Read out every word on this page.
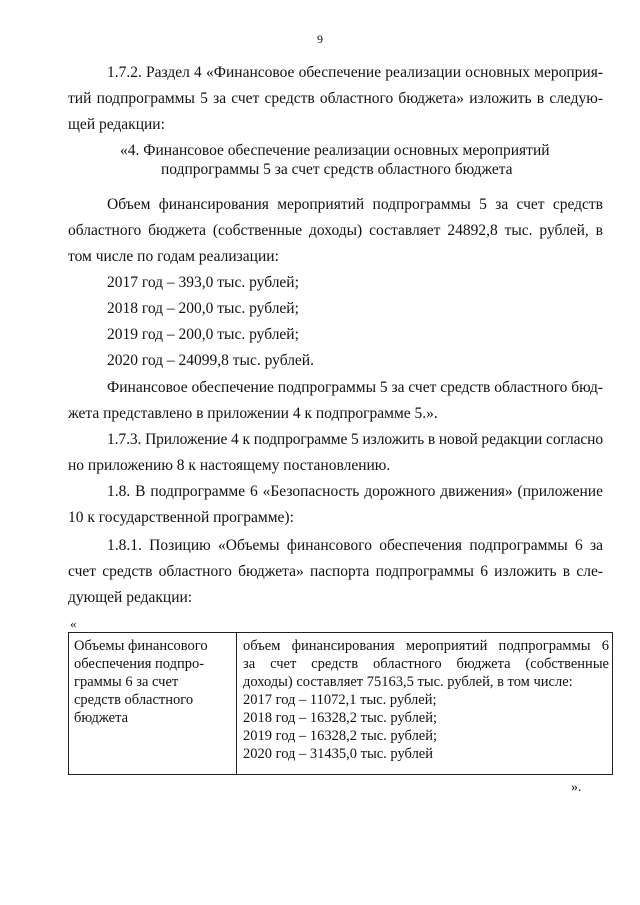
9
1.7.2. Раздел 4 «Финансовое обеспечение реализации основных мероприя-
тий подпрограммы 5 за счет средств областного бюджета» изложить в следую-
щей редакции:
«4. Финансовое обеспечение реализации основных мероприятий
подпрограммы 5 за счет средств областного бюджета
Объем финансирования мероприятий подпрограммы 5 за счет средств
областного бюджета (собственные доходы) составляет 24892,8 тыс. рублей, в
том числе по годам реализации:
2017 год – 393,0 тыс. рублей;
2018 год – 200,0 тыс. рублей;
2019 год – 200,0 тыс. рублей;
2020 год – 24099,8 тыс. рублей.
Финансовое обеспечение подпрограммы 5 за счет средств областного бюд-
жета представлено в приложении 4 к подпрограмме 5.».
1.7.3. Приложение 4 к подпрограмме 5 изложить в новой редакции согласно
но приложению 8 к настоящему постановлению.
1.8. В подпрограмме 6 «Безопасность дорожного движения» (приложение
10 к государственной программе):
1.8.1. Позицию «Объемы финансового обеспечения подпрограммы 6 за
счет средств областного бюджета» паспорта подпрограммы 6 изложить в сле-
дующей редакции:
«
Объемы финансового
обеспечения подпро-
граммы 6 за счет
средств областного
бюджета
объем финансирования мероприятий подпрограммы 6
за счет средств областного бюджета (собственные
доходы) составляет 75163,5 тыс. рублей, в том числе:
2017 год – 11072,1 тыс. рублей;
2018 год – 16328,2 тыс. рублей;
2019 год – 16328,2 тыс. рублей;
2020 год – 31435,0 тыс. рублей
».
